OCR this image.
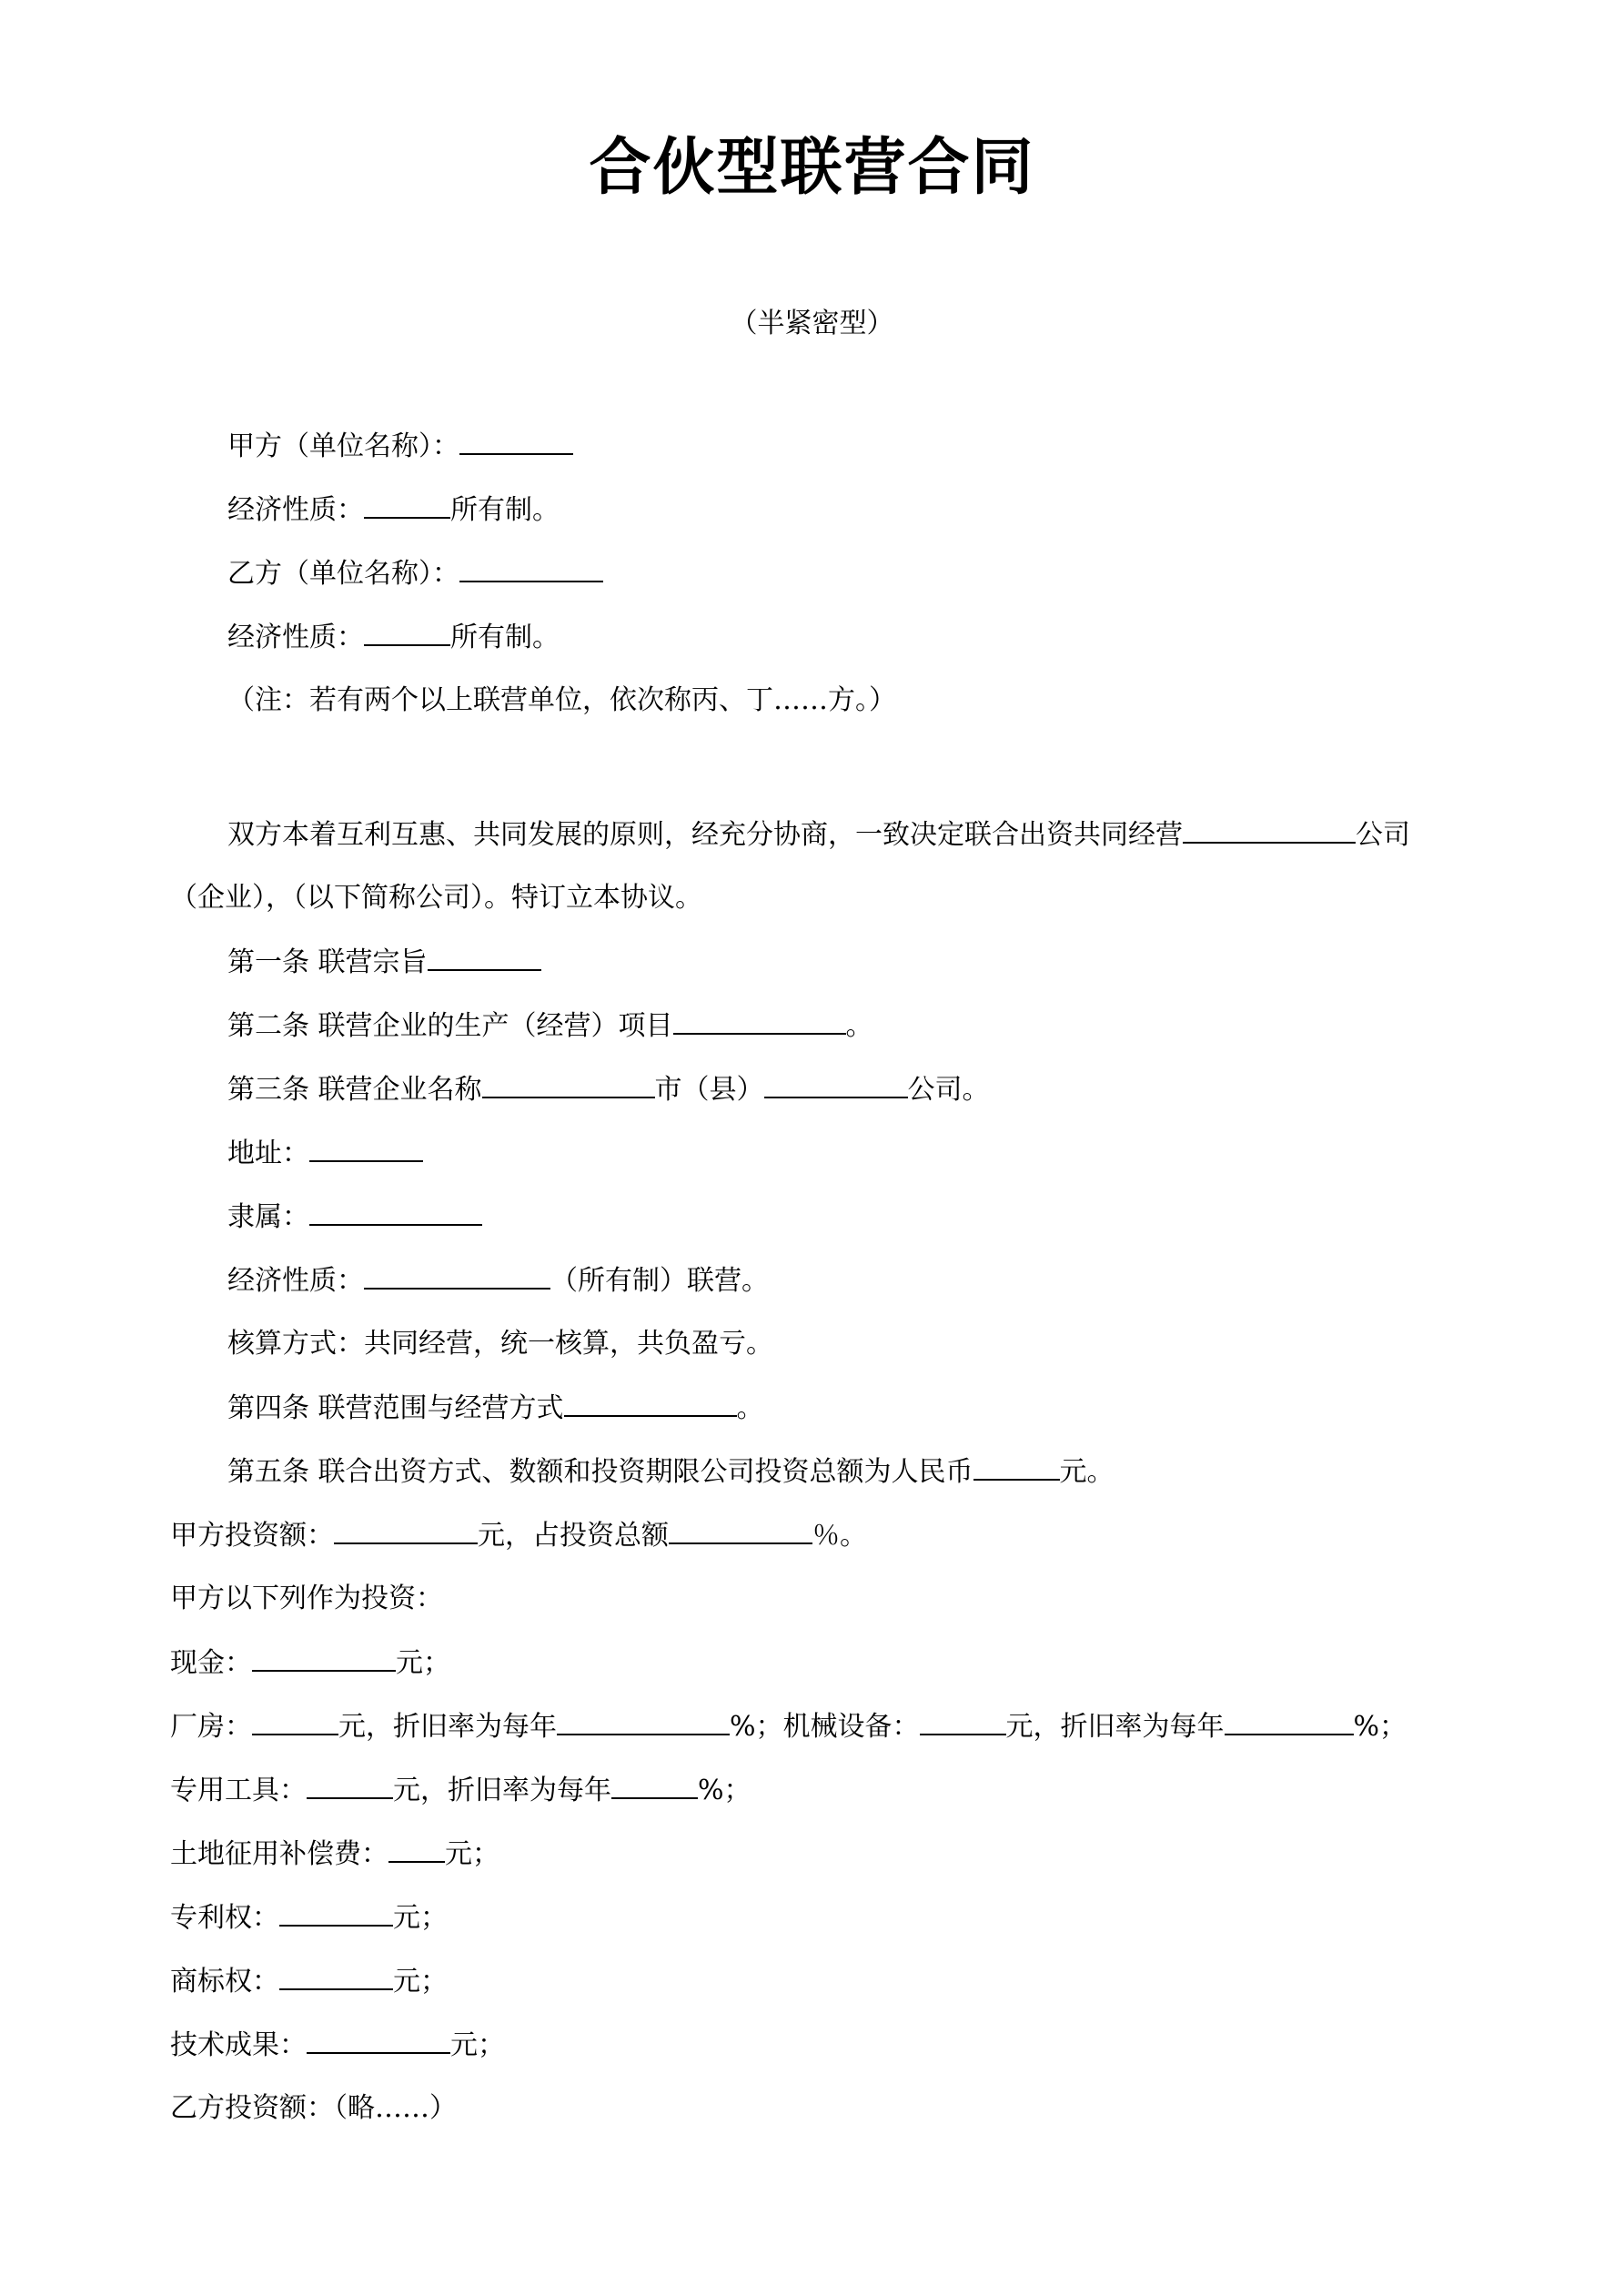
合伙型联营合同
（半紧密型）
甲方（单位名称）：
经济性质：	所有制。
乙方（单位名称）：
经济性质：	所有制。
（注：若有两个以上联营单位，依次称丙、丁……方。）
双方本着互利互惠、共同发展的原则，经充分协商，一致决定联合出资共同经营	公司
（企业），（以下简称公司）。特订立本协议。
第一条 联营宗旨
第二条 联营企业的生产（经营）项目	。
第三条 联营企业名称	市（县）	公司。
地址：
隶属：
经济性质：	（所有制）联营。
核算方式：共同经营，统一核算，共负盈亏。
第四条 联营范围与经营方式	。
第五条 联合出资方式、数额和投资期限公司投资总额为人民币	元。
甲方投资额：	元，占投资总额	％。
甲方以下列作为投资：
现金：	元；
厂房：	元，折旧率为每年	%；机械设备：	元，折旧率为每年	%；
专用工具：	元，折旧率为每年	%；
土地征用补偿费： 元；
专利权：	元；
商标权：	元；
技术成果：	元；
乙方投资额：（略……）
